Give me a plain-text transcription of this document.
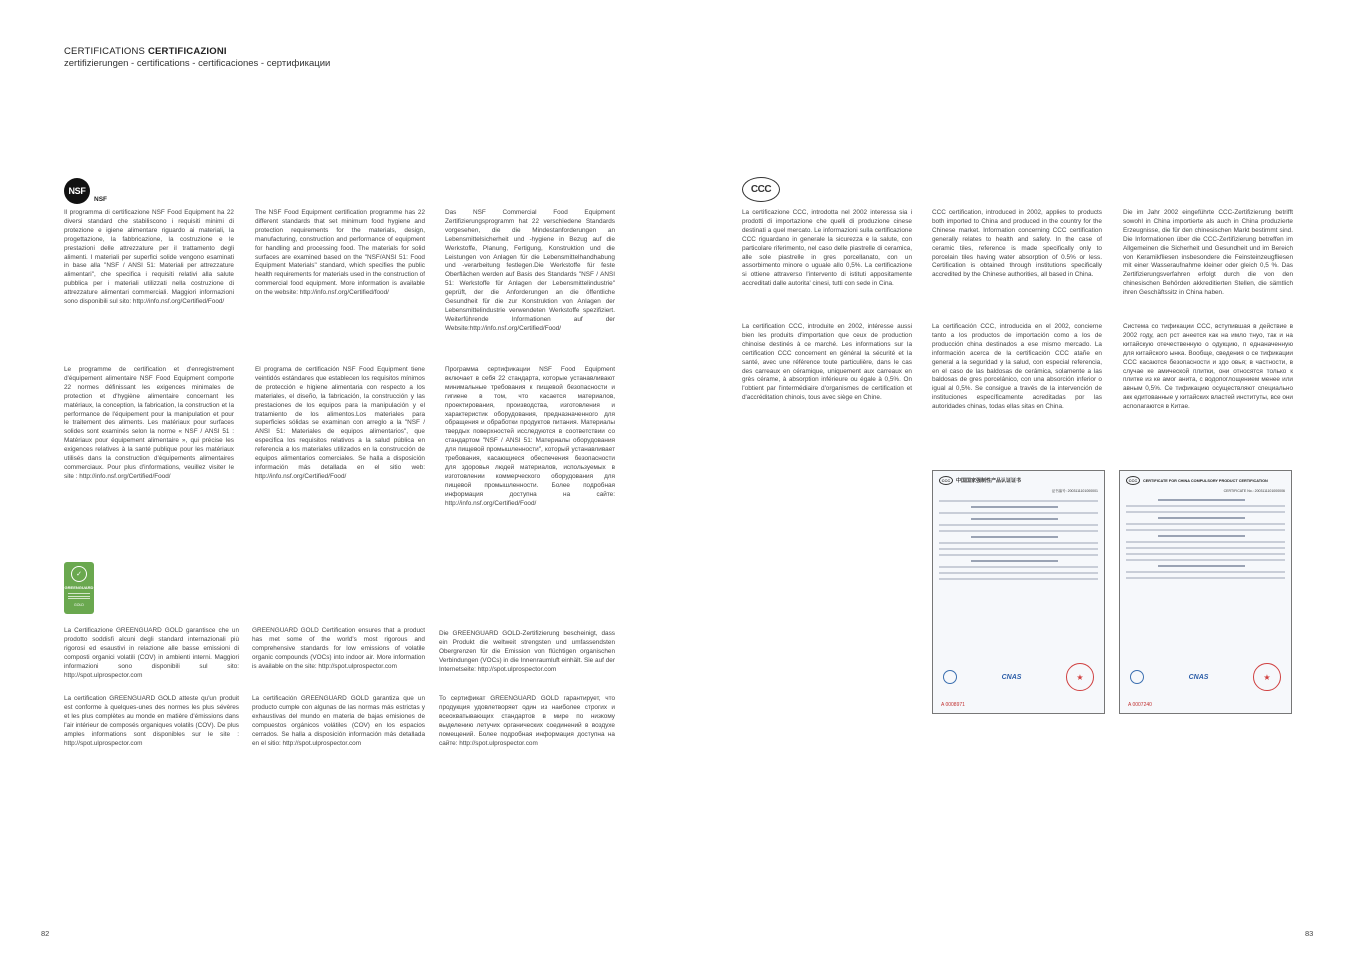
CERTIFICATIONS CERTIFICAZIONI
zertifizierungen - certifications - certificaciones - сертификации
NSF
NSF

Il programma di certificazione NSF Food Equipment ha 22 diversi standard che stabiliscono i requisiti minimi di protezione e igiene alimentare riguardo ai materiali, la progettazione, la fabbricazione, la costruzione e le prestazioni delle attrezzature per il trattamento degli alimenti. I materiali per superfici solide vengono esaminati in base alla "NSF / ANSI 51: Materiali per attrezzature alimentari", che specifica i requisiti relativi alla salute pubblica per i materiali utilizzati nella costruzione di attrezzature alimentari commerciali. Maggiori informazioni sono disponibili sul sito: http://info.nsf.org/Certified/Food/

The NSF Food Equipment certification programme has 22 different standards that set minimum food hygiene and protection requirements for the materials, design, manufacturing, construction and performance of equipment for handling and processing food. The materials for solid surfaces are examined based on the "NSF/ANSI 51: Food Equipment Materials" standard, which specifies the public health requirements for materials used in the construction of commercial food equipment. More information is available on the website: http://info.nsf.org/Certified/food/

Das NSF Commercial Food Equipment Zertifizierungsprogramm hat 22 verschiedene Standards vorgesehen, die die Mindestanforderungen an Lebensmittelsicherheit und -hygiene in Bezug auf die Werkstoffe, Planung, Fertigung, Konstruktion und die Leistungen von Anlagen für die Lebensmittelhandhabung und -verarbeitung festlegen.Die Werkstoffe für feste Oberflächen werden auf Basis des Standards "NSF / ANSI 51: Werkstoffe für Anlagen der Lebensmittelindustrie" geprüft, der die Anforderungen an die öffentliche Gesundheit für die zur Konstruktion von Anlagen der Lebensmittelindustrie verwendeten Werkstoffe spezifiziert. Weiterführende Informationen auf der Website:http://info.nsf.org/Certified/Food/

Le programme de certification et d'enregistrement d'équipement alimentaire NSF Food Equipment comporte 22 normes définissant les exigences minimales de protection et d'hygiène alimentaire concernant les matériaux, la conception, la fabrication, la construction et la performance de l'équipement pour la manipulation et pour le traitement des aliments. Les matériaux pour surfaces solides sont examinés selon la norme « NSF / ANSI 51 : Matériaux pour équipement alimentaire », qui précise les exigences relatives à la santé publique pour les matériaux utilisés dans la construction d'équipements alimentaires commerciaux. Pour plus d'informations, veuillez visiter le site : http://info.nsf.org/Certified/Food/

El programa de certificación NSF Food Equipment tiene veintidós estándares que establecen los requisitos mínimos de protección e higiene alimentaria con respecto a los materiales, el diseño, la fabricación, la construcción y las prestaciones de los equipos para la manipulación y el tratamiento de los alimentos.Los materiales para superficies sólidas se examinan con arreglo a la "NSF / ANSI 51: Materiales de equipos alimentarios", que especifica los requisitos relativos a la salud pública en referencia a los materiales utilizados en la construcción de equipos alimentarios comerciales. Se halla a disposición información más detallada en el sitio web: http://info.nsf.org/Certified/Food/

Программа сертификации NSF Food Equipment включает в себя 22 стандарта, которые устанавливают минимальные требования к пищевой безопасности и гигиене в том, что касается материалов, проектирования, производства, изготовления и характеристик оборудования, предназначенного для обращения и обработки продуктов питания. Материалы твердых поверхностей исследуются в соответствии со стандартом "NSF / ANSI 51: Материалы оборудования для пищевой промышленности", который устанавливает требования, касающиеся обеспечения безопасности для здоровья людей материалов, используемых в изготовлении коммерческого оборудования для пищевой промышленности. Более подробная информация доступна на сайте: http://info.nsf.org/Certified/Food/

✓
GREENGUARD
GOLD

La Certificazione GREENGUARD GOLD garantisce che un prodotto soddisfi alcuni degli standard internazionali più rigorosi ed esaustivi in relazione alle basse emissioni di composti organici volatili (COV) in ambienti interni. Maggiori informazioni sono disponibili sul sito: http://spot.ulprospector.com

GREENGUARD GOLD Certification ensures that a product has met some of the world's most rigorous and comprehensive standards for low emissions of volatile organic compounds (VOCs) into indoor air. More information is available on the site: http://spot.ulprospector.com

Die GREENGUARD GOLD-Zertifizierung bescheinigt, dass ein Produkt die weltweit strengsten und umfassendsten Obergrenzen für die Emission von flüchtigen organischen Verbindungen (VOCs) in die Innenraumluft einhält. Sie auf der Internetseite: http://spot.ulprospector.com

La certification GREENGUARD GOLD atteste qu'un produit est conforme à quelques-unes des normes les plus sévères et les plus complètes au monde en matière d'émissions dans l'air intérieur de composés organiques volatils (COV). De plus amples informations sont disponibles sur le site : http://spot.ulprospector.com

La certificación GREENGUARD GOLD garantiza que un producto cumple con algunas de las normas más estrictas y exhaustivas del mundo en materia de bajas emisiones de compuestos orgánicos volátiles (COV) en los espacios cerrados. Se halla a disposición información más detallada en el sitio: http://spot.ulprospector.com

То сертификат GREENGUARD GOLD гарантирует, что продукция удовлетворяет один из наиболее строгих и всеохватывающих стандартов в мире по низкому выделению летучих органических соединений в воздухе помещений. Более подробная информация доступна на сайте: http://spot.ulprospector.com

CCC

La certificazione CCC, introdotta nel 2002 interessa sia i prodotti di importazione che quelli di produzione cinese destinati a quel mercato. Le informazioni sulla certificazione CCC riguardano in generale la sicurezza e la salute, con particolare riferimento, nel caso delle piastrelle di ceramica, alle sole piastrelle in gres porcellanato, con un assorbimento minore o uguale allo 0,5%. La certificazione si ottiene attraverso l'intervento di istituti appositamente accreditati dalle autorita' cinesi, tutti con sede in Cina.

CCC certification, introduced in 2002, applies to products both imported to China and produced in the country for the Chinese market. Information concerning CCC certification generally relates to health and safety. In the case of ceramic tiles, reference is made specifically only to porcelain tiles having water absorption of 0.5% or less. Certification is obtained through institutions specifically accredited by the Chinese authorities, all based in China.

Die im Jahr 2002 eingeführte CCC-Zertifizierung betrifft sowohl in China importierte als auch in China produzierte Erzeugnisse, die für den chinesischen Markt bestimmt sind. Die Informationen über die CCC-Zertifizierung betreffen im Allgemeinen die Sicherheit und Gesundheit und im Bereich von Keramikfliesen insbesondere die Feinsteinzeugfliesen mit einer Wasseraufnahme kleiner oder gleich 0,5 %. Das Zertifizierungsverfahren erfolgt durch die von den chinesischen Behörden akkreditierten Stellen, die sämtlich ihren Geschäftssitz in China haben.

La certification CCC, introduite en 2002, intéresse aussi bien les produits d'importation que ceux de production chinoise destinés à ce marché. Les informations sur la certification CCC concernent en général la sécurité et la santé, avec une référence toute particulière, dans le cas des carreaux en céramique, uniquement aux carreaux en grès cérame, à absorption inférieure ou égale à 0,5%. On l'obtient par l'intermédiaire d'organismes de certification et d'accréditation chinois, tous avec siège en Chine.

La certificación CCC, introducida en el 2002, concierne tanto a los productos de importación como a los de producción china destinados a ese mismo mercado. La información acerca de la certificación CCC atañe en general a la seguridad y la salud, con especial referencia, en el caso de las baldosas de cerámica, solamente a las baldosas de gres porcelánico, con una absorción inferior o igual al 0,5%. Se consigue a través de la intervención de instituciones específicamente acreditadas por las autoridades chinas, todas ellas sitas en China.

Система со тификации CCC, вступившая в действие в 2002 году, асп рст анеется как на имло тнуо, так и на китайскую отечественную о одукцию, п еднаначенную для китайского ынка. Вообще, сведения о се тификации CCC касаются безопасности и здо овья; в частности, в случае ке амической плитки, они относятся только к плитке из ке амог анита, с водопоглощением менее или авным 0,5%. Се тификацию осуществляют специально акк едитованные у китайских властей институты, все они асполагаются в Китае.

CCC	中国国家强制性产品认证证书
证书编号: 2003111101000001
CNAS	★
A 0008971
CCC	CERTIFICATE FOR CHINA COMPULSORY PRODUCT CERTIFICATION
CERTIFICATE No.: 2003111101000006
CNAS	★
A 0007240
82	83
